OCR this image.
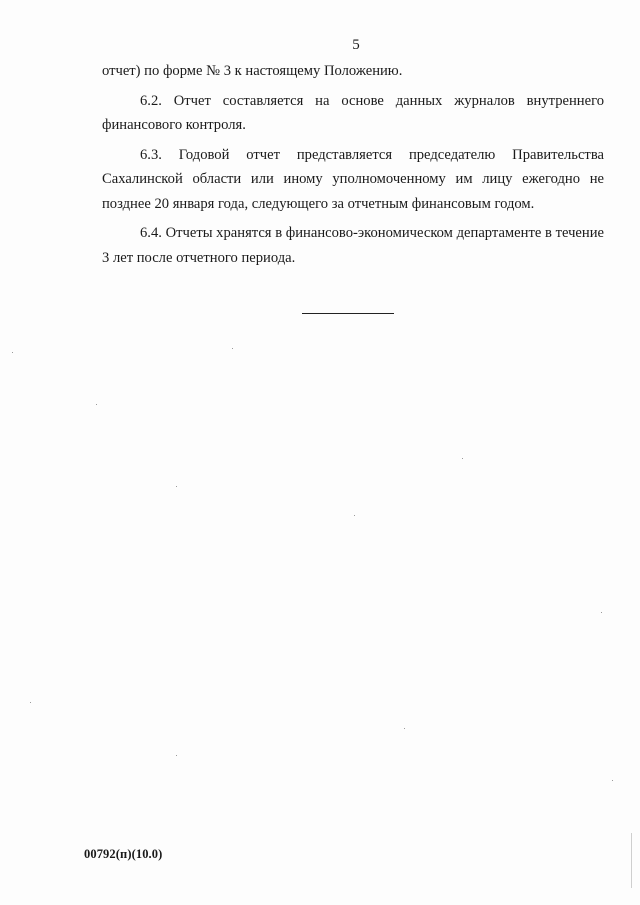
5

отчет) по форме № 3 к настоящему Положению.

6.2. Отчет составляется на основе данных журналов внутреннего финансового контроля.

6.3. Годовой отчет представляется председателю Правительства Сахалинской области или иному уполномоченному им лицу ежегодно не позднее 20 января года, следующего за отчетным финансовым годом.

6.4. Отчеты хранятся в финансово-экономическом департаменте в течение 3 лет после отчетного периода.

00792(п)(10.0)
